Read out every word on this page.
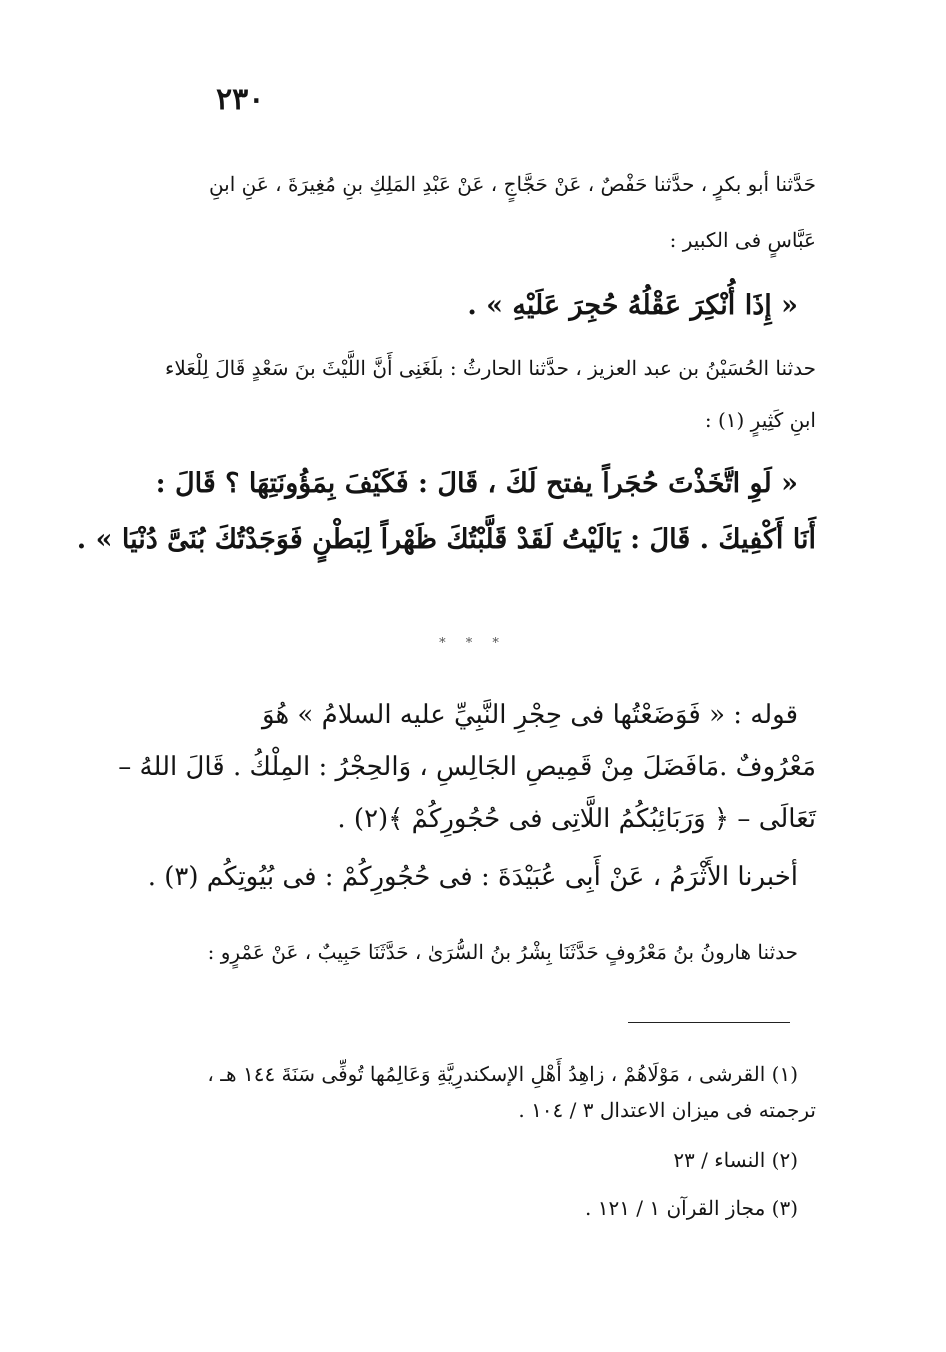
٢٣٠
حَدَّثنا أبو بكرٍ ، حدَّثنا حَفْصٌ ، عَنْ حَجَّاجٍ ، عَنْ عَبْدِ المَلِكِ بنِ مُغِيرَةَ ، عَنِ ابنِ
عَبَّاسٍ فى الكبير :
« إِذَا أُنْكِرَ عَقْلُهُ حُجِرَ عَلَيْهِ » .
حدثنا الحُسَيْنُ بن عبد العزيز ، حدَّثنا الحارثُ : بلَغَنِى أَنَّ اللَّيْثَ بنَ سَعْدٍ قَالَ لِلْعَلاء
ابنِ كَثِيرٍ (١) :
« لَوِ اتَّخَذْتَ حُجَراً يفتح لَكَ ، قَالَ : فَكَيْفَ بِمَؤُونَتِهَا ؟ قَالَ :
أَنَا أَكْفِيكَ . قَالَ : يَالَيْتُ لَقَدْ قَلَّبْتُكَ ظَهْراً لِبَطْنٍ فَوَجَدْتُكَ بُنَىَّ دُنْيَا » .
* * *
قوله : « فَوَضَعْتُها فى حِجْرِ النَّبِيِّ عليه السلامُ » هُوَ
مَعْرُوفٌ .مَافَضَلَ مِنْ قَمِيصِ الجَالِسِ ، وَالحِجْرُ : المِلْكُ . قَالَ اللهُ –
تَعَالَى – ﴿ وَرَبَائِبُكُمُ اللَّاتِى فى حُجُورِكُمْ ﴾(٢) .
أخبرنا الأَثْرَمُ ، عَنْ أَبِى عُبَيْدَةَ : فى حُجُورِكُمْ : فى بُيُوتِكُم (٣) .
حدثنا هارونُ بنُ مَعْرُوفٍ حَدَّثَنَا بِشْرُ بنُ السُّرَىٰ ، حَدَّثَنَا حَبِيبٌ ، عَنْ عَمْرٍو :
(١) القرشى ، مَوْلَاهُمْ ، زاهِدُ أَهْلِ الإسكندرِيَّةِ وَعَالِمُها تُوفِّى سَنَةَ ١٤٤ هـ ،
ترجمته فى ميزان الاعتدال ٣ / ١٠٤ .
(٢) النساء / ٢٣
(٣) مجاز القرآن ١ / ١٢١ .
